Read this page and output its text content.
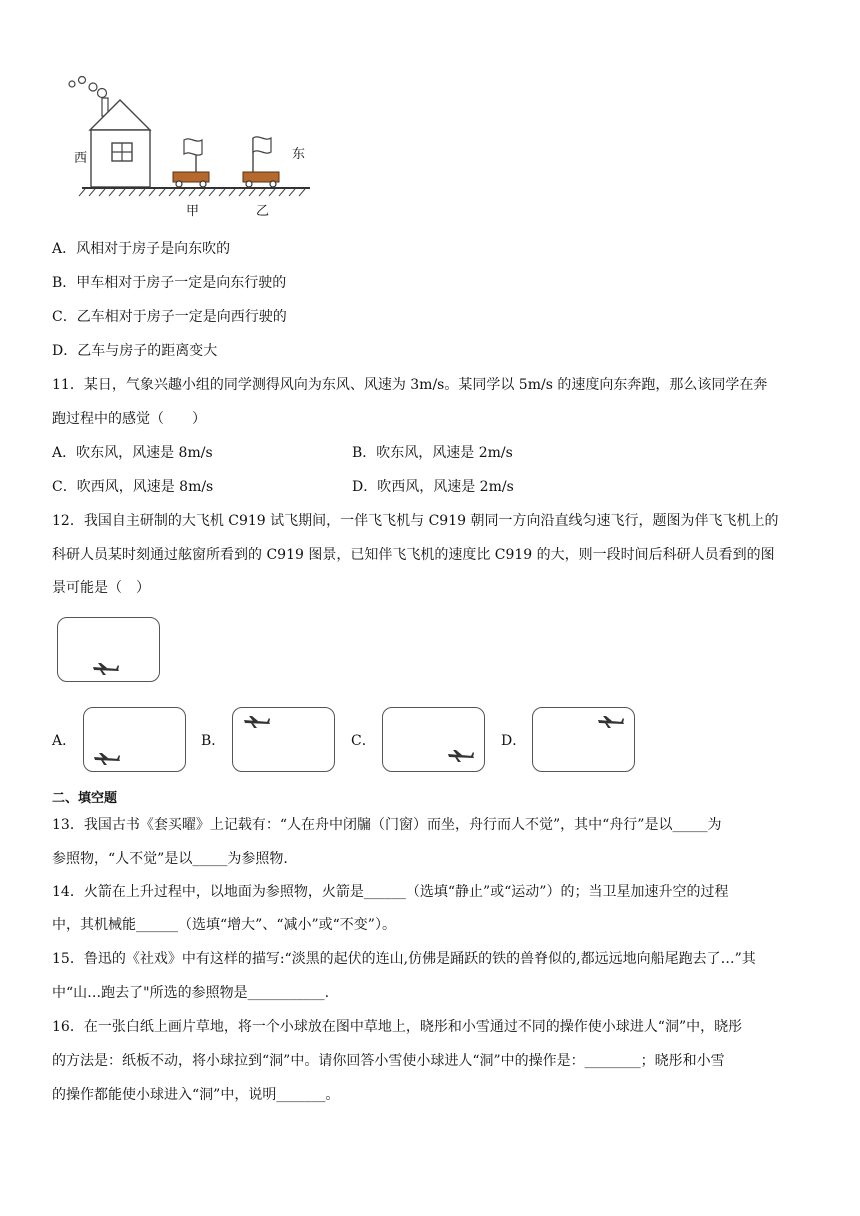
西	东
甲	乙
A．风相对于房子是向东吹的
B．甲车相对于房子一定是向东行驶的
C．乙车相对于房子一定是向西行驶的
D．乙车与房子的距离变大
11．某日，气象兴趣小组的同学测得风向为东风、风速为 3m/s。某同学以 5m/s 的速度向东奔跑，那么该同学在奔
跑过程中的感觉（　　）
A．吹东风，风速是 8m/s	B．吹东风，风速是 2m/s
C．吹西风，风速是 8m/s	D．吹西风，风速是 2m/s
12．我国自主研制的大飞机 C919 试飞期间，一伴飞飞机与 C919 朝同一方向沿直线匀速飞行，题图为伴飞飞机上的
科研人员某时刻通过舷窗所看到的 C919 图景，已知伴飞飞机的速度比 C919 的大，则一段时间后科研人员看到的图
景可能是（　）
A．	B．	C．	D．
二、填空题
13．我国古书《套买曜》上记载有：“人在舟中闭牖（门窗）而坐，舟行而人不觉”，其中“舟行”是以_____为
参照物，“人不觉”是以_____为参照物.
14．火箭在上升过程中，以地面为参照物，火箭是______（选填“静止”或“运动”）的；当卫星加速升空的过程
中，其机械能______（选填“增大”、“减小”或“不变”）。
15．鲁迅的《社戏》中有这样的描写:“淡黑的起伏的连山,仿佛是踊跃的铁的兽脊似的,都远远地向船尾跑去了…”其
中“山…跑去了"所选的参照物是___________.
16．在一张白纸上画片草地，将一个小球放在图中草地上，晓彤和小雪通过不同的操作使小球进人“洞”中，晓彤
的方法是：纸板不动，将小球拉到“洞”中。请你回答小雪使小球进人“洞”中的操作是：________；晓彤和小雪
的操作都能使小球进入“洞”中，说明_______。
